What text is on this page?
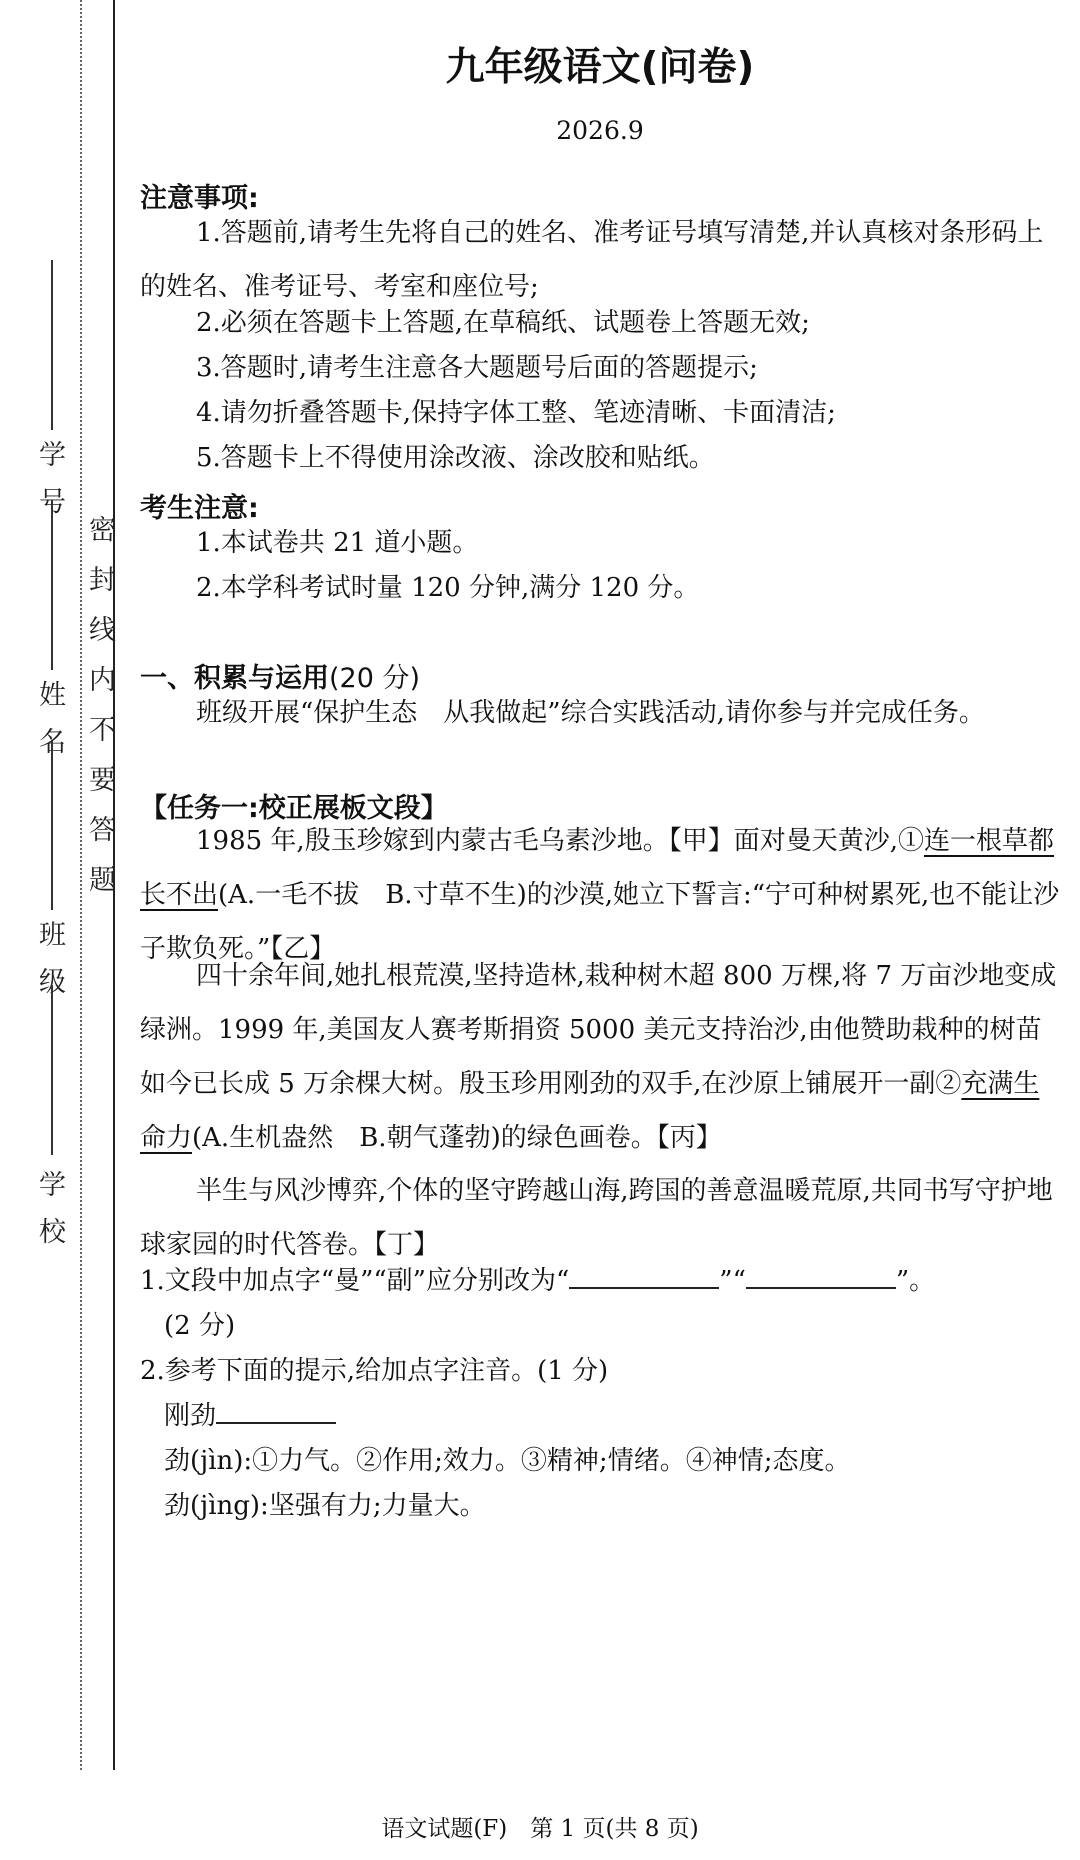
学号
姓名
班级
学校
密封线内不要答题
九年级语文(问卷)
2026.9
注意事项:
1.答题前,请考生先将自己的姓名、准考证号填写清楚,并认真核对条形码上的姓名、准考证号、考室和座位号;
2.必须在答题卡上答题,在草稿纸、试题卷上答题无效;
3.答题时,请考生注意各大题题号后面的答题提示;
4.请勿折叠答题卡,保持字体工整、笔迹清晰、卡面清洁;
5.答题卡上不得使用涂改液、涂改胶和贴纸。
考生注意:
1.本试卷共 21 道小题。
2.本学科考试时量 120 分钟,满分 120 分。
一、积累与运用(20 分)
班级开展“保护生态　从我做起”综合实践活动,请你参与并完成任务。
【任务一:校正展板文段】
1985 年,殷玉珍嫁到内蒙古毛乌素沙地。【甲】面对曼天黄沙,①连一根草都长不出(A.一毛不拔　B.寸草不生)的沙漠,她立下誓言:“宁可种树累死,也不能让沙子欺负死。”【乙】
四十余年间,她扎根荒漠,坚持造林,栽种树木超 800 万棵,将 7 万亩沙地变成绿洲。1999 年,美国友人赛考斯捐资 5000 美元支持治沙,由他赞助栽种的树苗如今已长成 5 万余棵大树。殷玉珍用刚劲的双手,在沙原上铺展开一副②充满生命力(A.生机盎然　B.朝气蓬勃)的绿色画卷。【丙】
半生与风沙博弈,个体的坚守跨越山海,跨国的善意温暖荒原,共同书写守护地球家园的时代答卷。【丁】
1.文段中加点字“曼”“副”应分别改为“	”“	”。
(2 分)
2.参考下面的提示,给加点字注音。(1 分)
刚劲
劲(jìn):①力气。②作用;效力。③精神;情绪。④神情;态度。
劲(jìng):坚强有力;力量大。
语文试题(F)　第 1 页(共 8 页)
